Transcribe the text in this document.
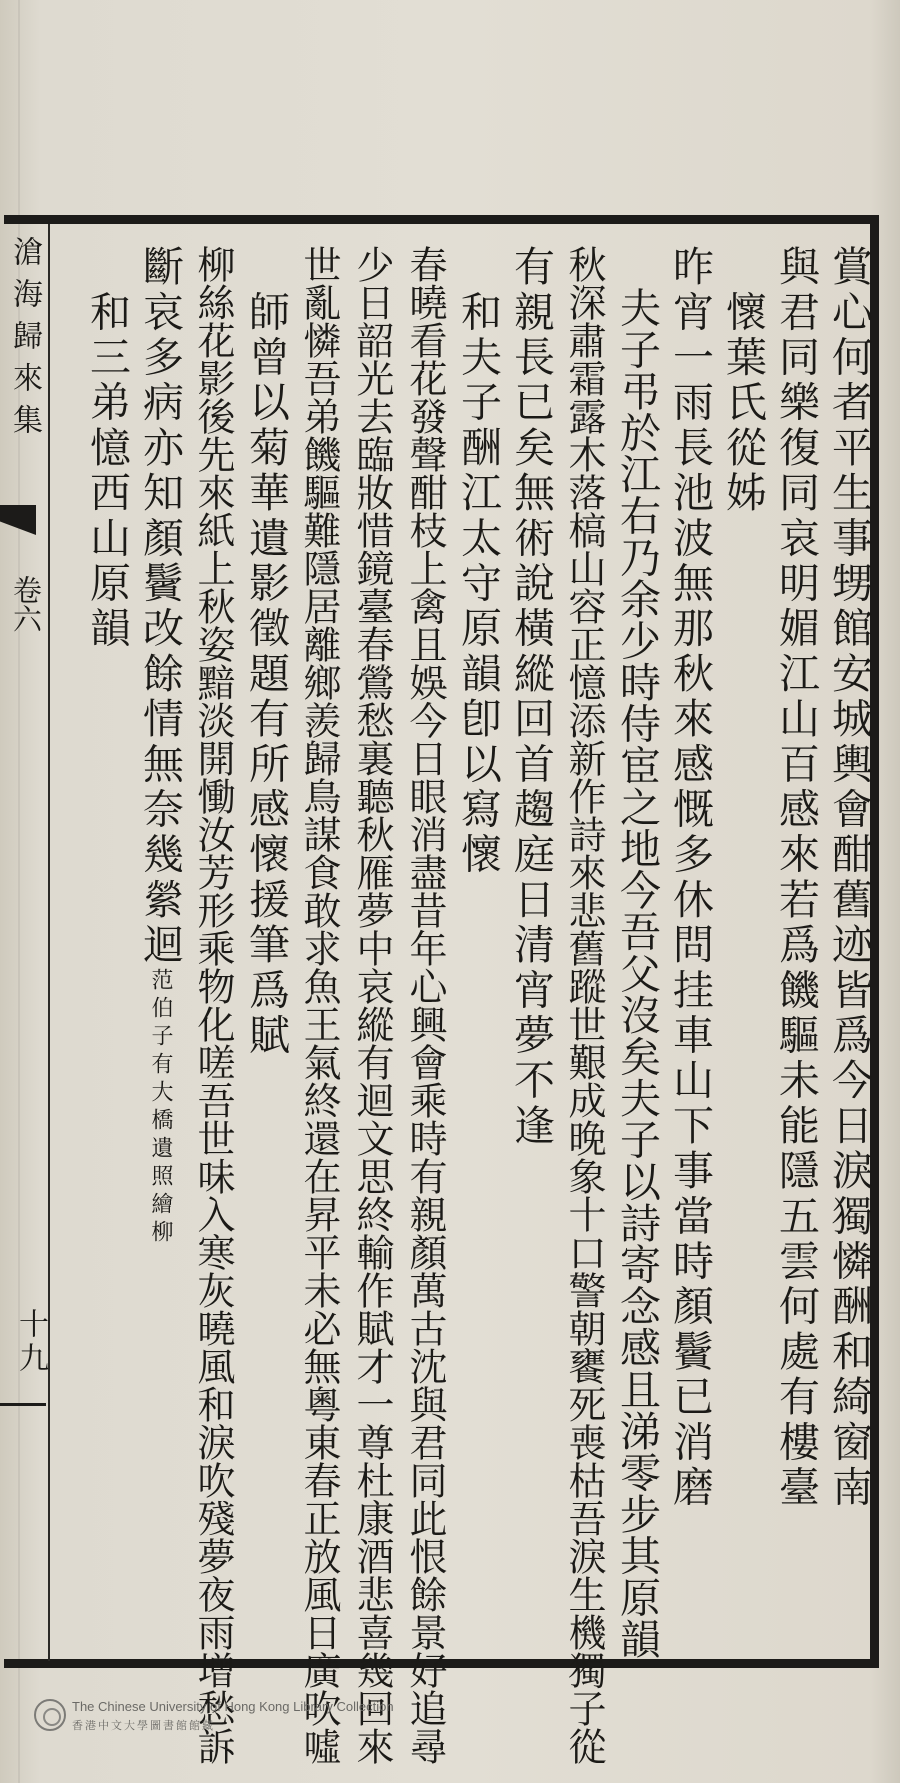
滄海歸來集
卷六
十九	賞心何者平生事甥館安城輿會酣舊迹皆爲今日淚獨憐酬和綺窗南
與君同樂復同哀明媚江山百感來若爲饑驅未能隱五雲何處有樓臺
　懷葉氏從姊
昨宵一雨長池波無那秋來感慨多休問挂車山下事當時顏鬢已消磨
　夫子弔於江右乃余少時侍宦之地今吾父沒矣夫子以詩寄念感且涕零步其原韻
秋深肅霜露木落槁山容正憶添新作詩來悲舊蹤世艱成晚象十口警朝饔死喪枯吾淚生機獨子從
有親長已矣無術說橫縱回首趨庭日清宵夢不逢
　和夫子酬江太守原韻卽以寫懷
春曉看花發聲酣枝上禽且娛今日眼消盡昔年心興會乘時有親顏萬古沈與君同此恨餘景好追尋
少日韶光去臨妝惜鏡臺春鶯愁裏聽秋雁夢中哀縱有迴文思終輸作賦才一尊杜康酒悲喜幾回來
世亂憐吾弟饑驅難隱居離鄉羨歸鳥謀食敢求魚王氣終還在昇平未必無粵東春正放風日廣吹噓
　師曾以菊華遺影徵題有所感懷援筆爲賦
柳絲花影後先來紙上秋姿黯淡開慟汝芳形乘物化嗟吾世味入寒灰曉風和淚吹殘夢夜雨增愁訴
斷哀多病亦知顏鬢改餘情無奈幾縈迴范伯子有大橋遺照繪柳
　和三弟憶西山原韻
The Chinese University of Hong Kong Library Collection
香港中文大學圖書館館藏
